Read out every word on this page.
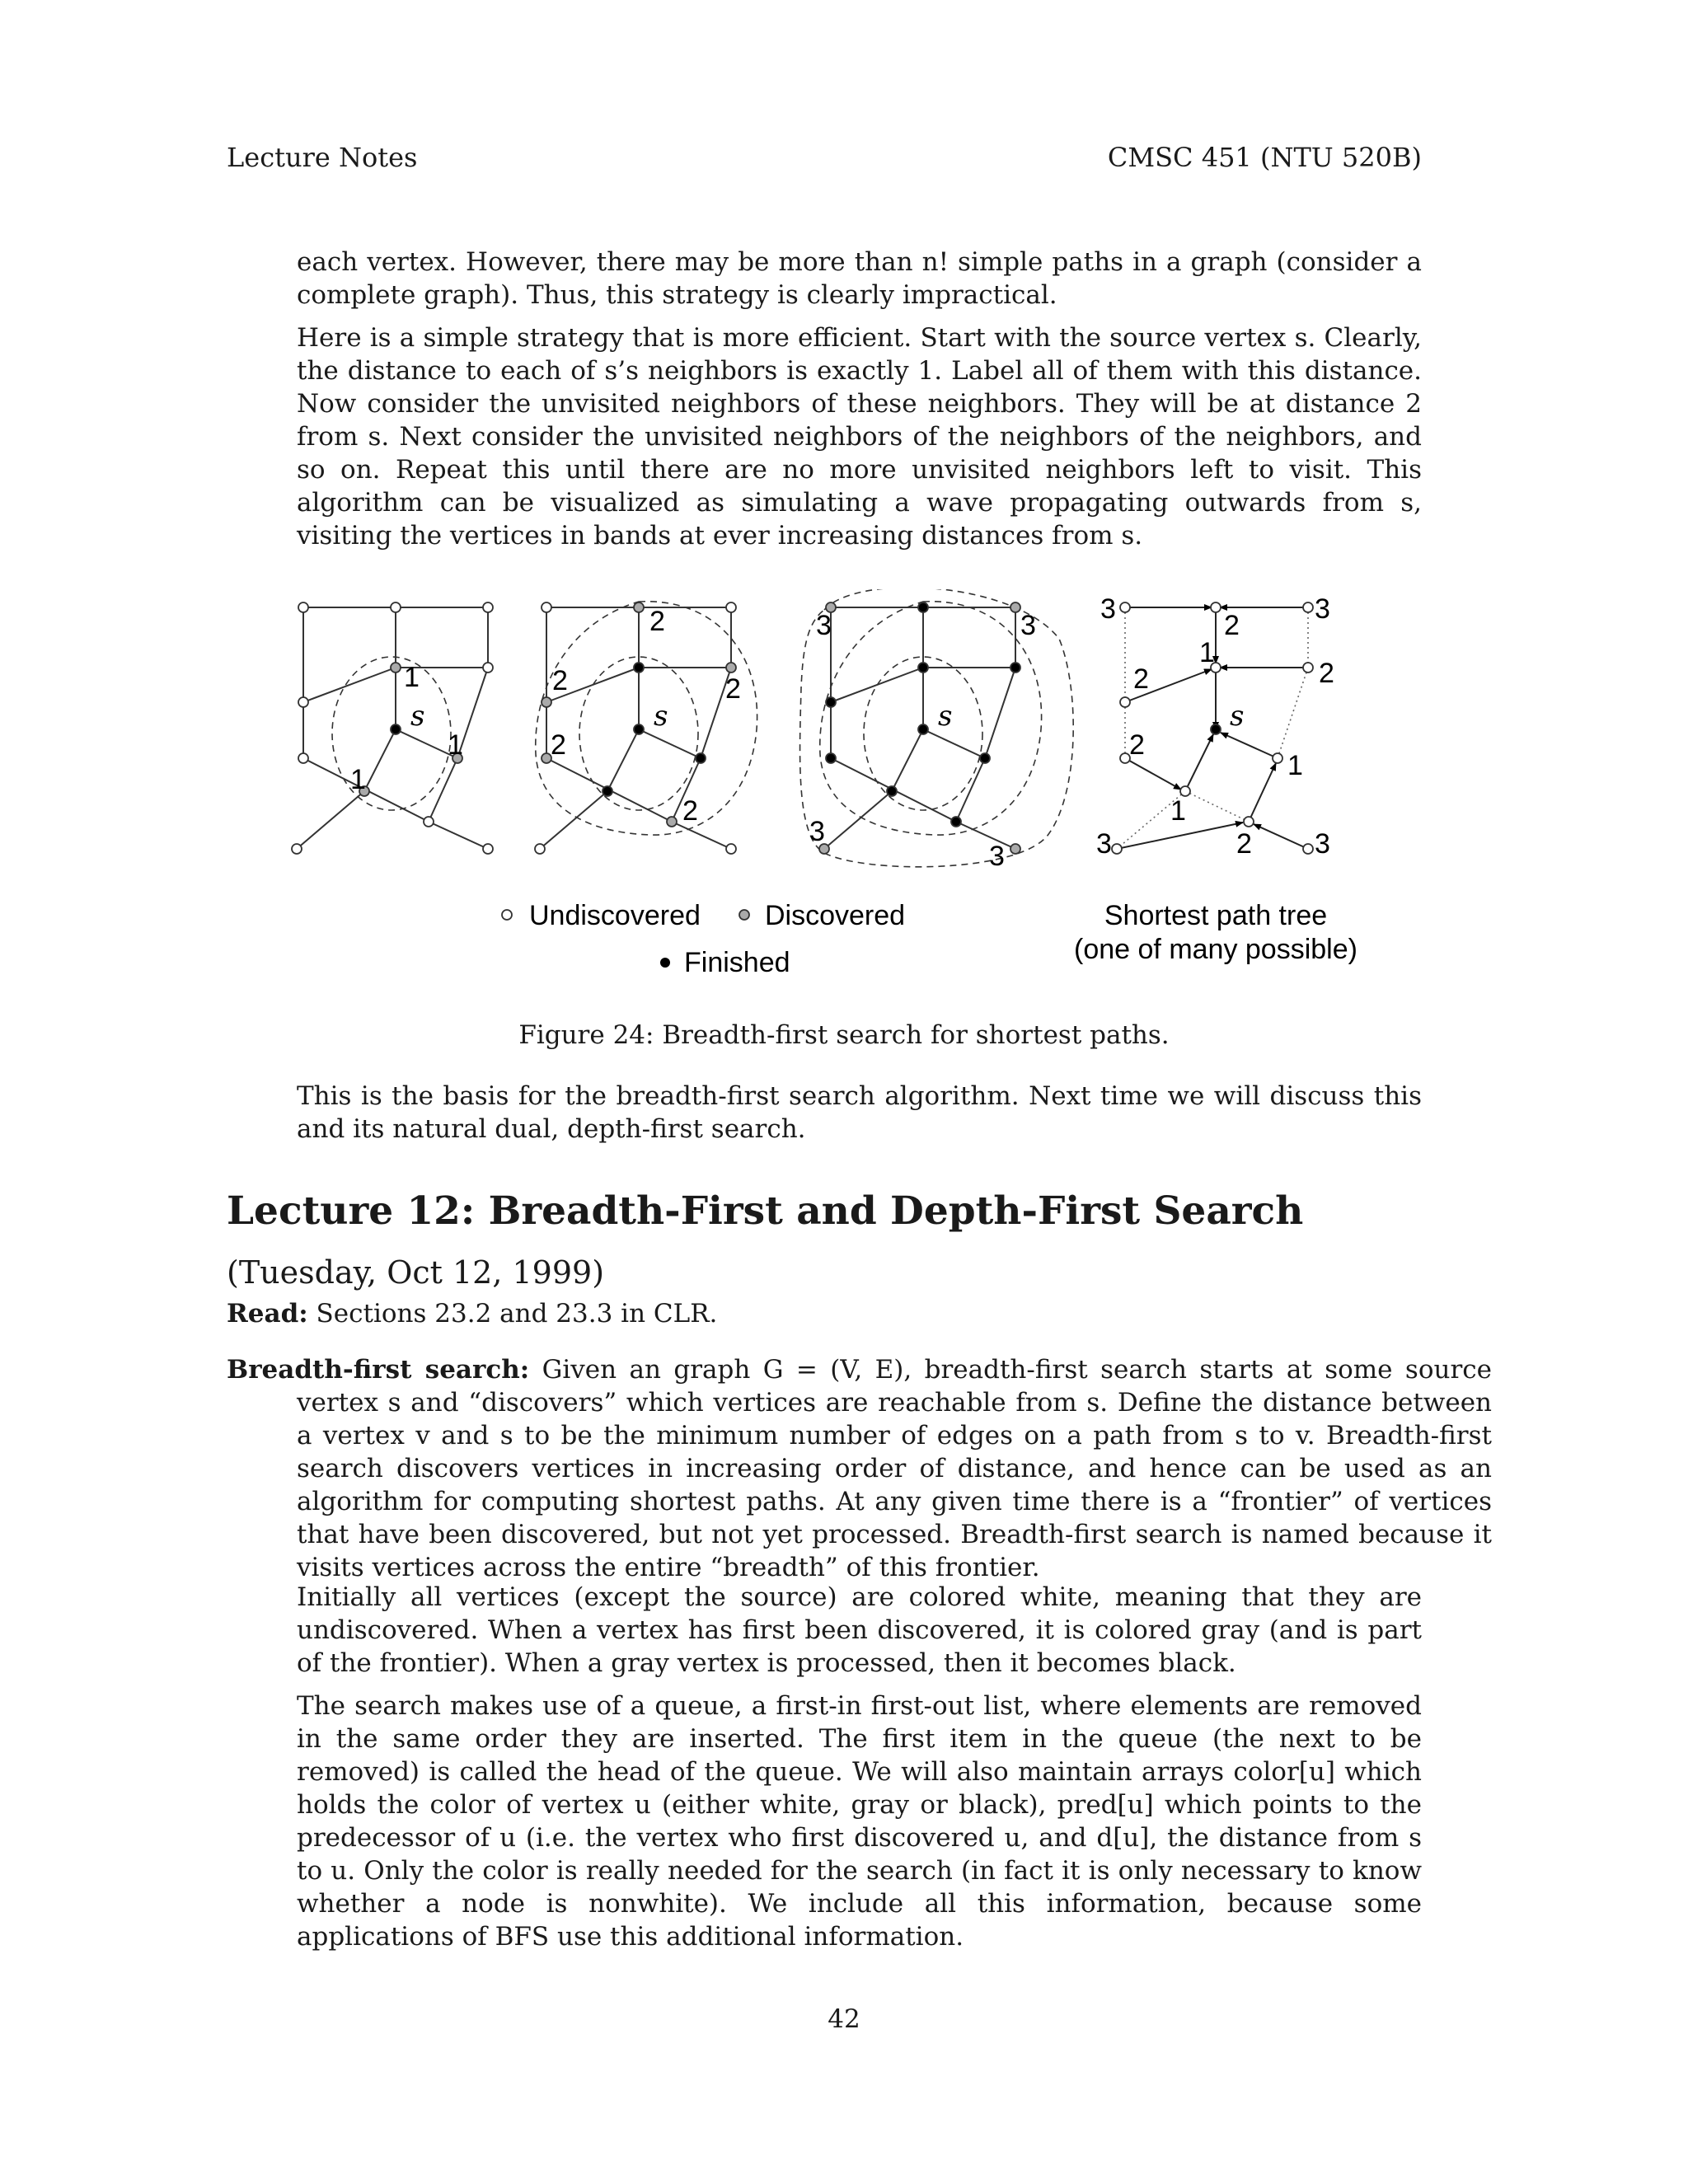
Lecture Notes	CMSC 451 (NTU 520B)

each vertex. However, there may be more than n! simple paths in a graph (consider a complete graph). Thus, this strategy is clearly impractical.

Here is a simple strategy that is more efficient. Start with the source vertex s. Clearly, the distance to each of s’s neighbors is exactly 1. Label all of them with this distance. Now consider the unvisited neighbors of these neighbors. They will be at distance 2 from s. Next consider the unvisited neighbors of the neighbors of the neighbors, and so on. Repeat this until there are no more unvisited neighbors left to visit. This algorithm can be visualized as simulating a wave propagating outwards from s, visiting the vertices in bands at ever increasing distances from s.

1
1
1
s
2
2
2
2
2
s
3	3
3
3
s
3	3
2
2
2
2
1
1
1
2
3	3
s
Undiscovered Discovered
Finished
Shortest path tree
(one of many possible)
Figure 24: Breadth-first search for shortest paths.

This is the basis for the breadth-first search algorithm. Next time we will discuss this and its natural dual, depth-first search.

Lecture 12: Breadth-First and Depth-First Search
(Tuesday, Oct 12, 1999)
Read: Sections 23.2 and 23.3 in CLR.

Breadth-first search: Given an graph G = (V, E), breadth-first search starts at some source vertex s and “discovers” which vertices are reachable from s. Define the distance between a vertex v and s to be the minimum number of edges on a path from s to v. Breadth-first search discovers vertices in increasing order of distance, and hence can be used as an algorithm for computing shortest paths. At any given time there is a “frontier” of vertices that have been discovered, but not yet processed. Breadth-first search is named because it visits vertices across the entire “breadth” of this frontier.

Initially all vertices (except the source) are colored white, meaning that they are undiscovered. When a vertex has first been discovered, it is colored gray (and is part of the frontier). When a gray vertex is processed, then it becomes black.

The search makes use of a queue, a first-in first-out list, where elements are removed in the same order they are inserted. The first item in the queue (the next to be removed) is called the head of the queue. We will also maintain arrays color[u] which holds the color of vertex u (either white, gray or black), pred[u] which points to the predecessor of u (i.e. the vertex who first discovered u, and d[u], the distance from s to u. Only the color is really needed for the search (in fact it is only necessary to know whether a node is nonwhite). We include all this information, because some applications of BFS use this additional information.

42
